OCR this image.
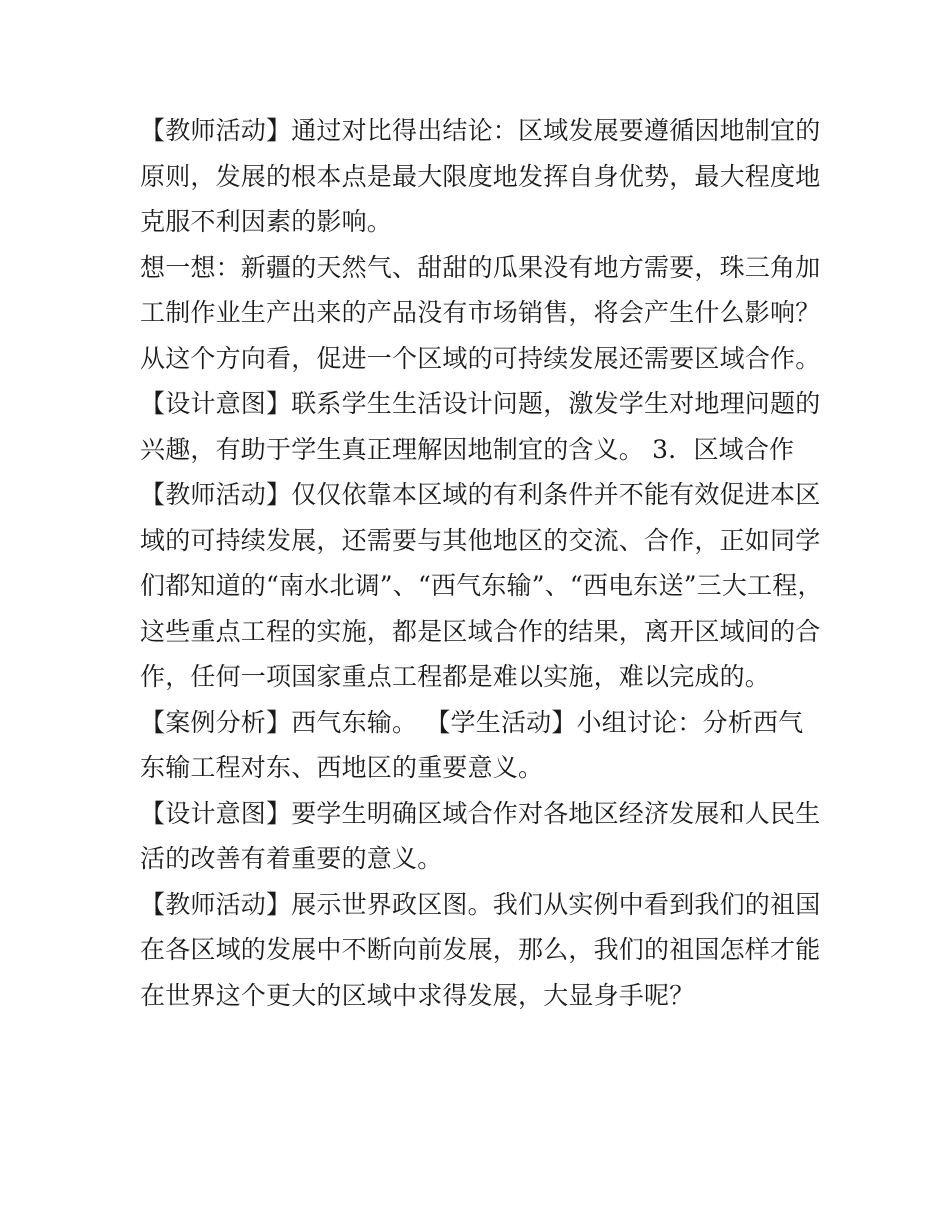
【教师活动】通过对比得出结论：区域发展要遵循因地制宜的
原则，发展的根本点是最大限度地发挥自身优势，最大程度地
克服不利因素的影响。
想一想：新疆的天然气、甜甜的瓜果没有地方需要，珠三角加
工制作业生产出来的产品没有市场销售，将会产生什么影响？
从这个方向看，促进一个区域的可持续发展还需要区域合作。
【设计意图】联系学生生活设计问题，激发学生对地理问题的
兴趣，有助于学生真正理解因地制宜的含义。 3．区域合作
【教师活动】仅仅依靠本区域的有利条件并不能有效促进本区
域的可持续发展，还需要与其他地区的交流、合作，正如同学
们都知道的“南水北调”、“西气东输”、“西电东送”三大工程，
这些重点工程的实施，都是区域合作的结果，离开区域间的合
作，任何一项国家重点工程都是难以实施，难以完成的。
【案例分析】西气东输。 【学生活动】小组讨论：分析西气
东输工程对东、西地区的重要意义。
【设计意图】要学生明确区域合作对各地区经济发展和人民生
活的改善有着重要的意义。
【教师活动】展示世界政区图。我们从实例中看到我们的祖国
在各区域的发展中不断向前发展，那么，我们的祖国怎样才能
在世界这个更大的区域中求得发展，大显身手呢？
